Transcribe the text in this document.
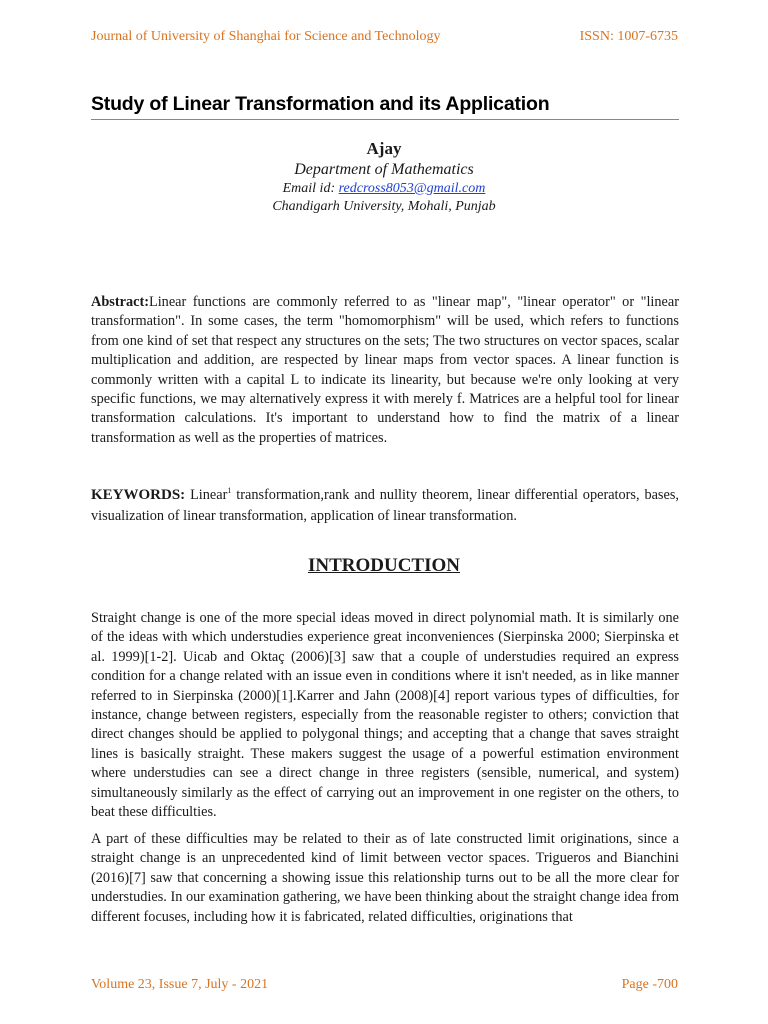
Journal of University of Shanghai for Science and Technology	ISSN: 1007-6735
Study of Linear Transformation and its Application
Ajay
Department of Mathematics
Email id: redcross8053@gmail.com
Chandigarh University, Mohali, Punjab

Abstract:Linear functions are commonly referred to as "linear map", "linear operator" or "linear transformation". In some cases, the term "homomorphism" will be used, which refers to functions from one kind of set that respect any structures on the sets; The two structures on vector spaces, scalar multiplication and addition, are respected by linear maps from vector spaces. A linear function is commonly written with a capital L to indicate its linearity, but because we're only looking at very specific functions, we may alternatively express it with merely f. Matrices are a helpful tool for linear transformation calculations. It's important to understand how to find the matrix of a linear transformation as well as the properties of matrices.

KEYWORDS: Linear$^1$ transformation,rank and nullity theorem, linear differential operators, bases, visualization of linear transformation, application of linear transformation.

INTRODUCTION

Straight change is one of the more special ideas moved in direct polynomial math. It is similarly one of the ideas with which understudies experience great inconveniences (Sierpinska 2000; Sierpinska et al. 1999)[1-2]. Uicab and Oktaç (2006)[3] saw that a couple of understudies required an express condition for a change related with an issue even in conditions where it isn't needed, as in like manner referred to in Sierpinska (2000)[1].Karrer and Jahn (2008)[4] report various types of difficulties, for instance, change between registers, especially from the reasonable register to others; conviction that direct changes should be applied to polygonal things; and accepting that a change that saves straight lines is basically straight. These makers suggest the usage of a powerful estimation environment where understudies can see a direct change in three registers (sensible, numerical, and system) simultaneously similarly as the effect of carrying out an improvement in one register on the others, to beat these difficulties.

A part of these difficulties may be related to their as of late constructed limit originations, since a straight change is an unprecedented kind of limit between vector spaces. Trigueros and Bianchini (2016)[7] saw that concerning a showing issue this relationship turns out to be all the more clear for understudies. In our examination gathering, we have been thinking about the straight change idea from different focuses, including how it is fabricated, related difficulties, originations that

Volume 23, Issue 7, July - 2021	Page -700
